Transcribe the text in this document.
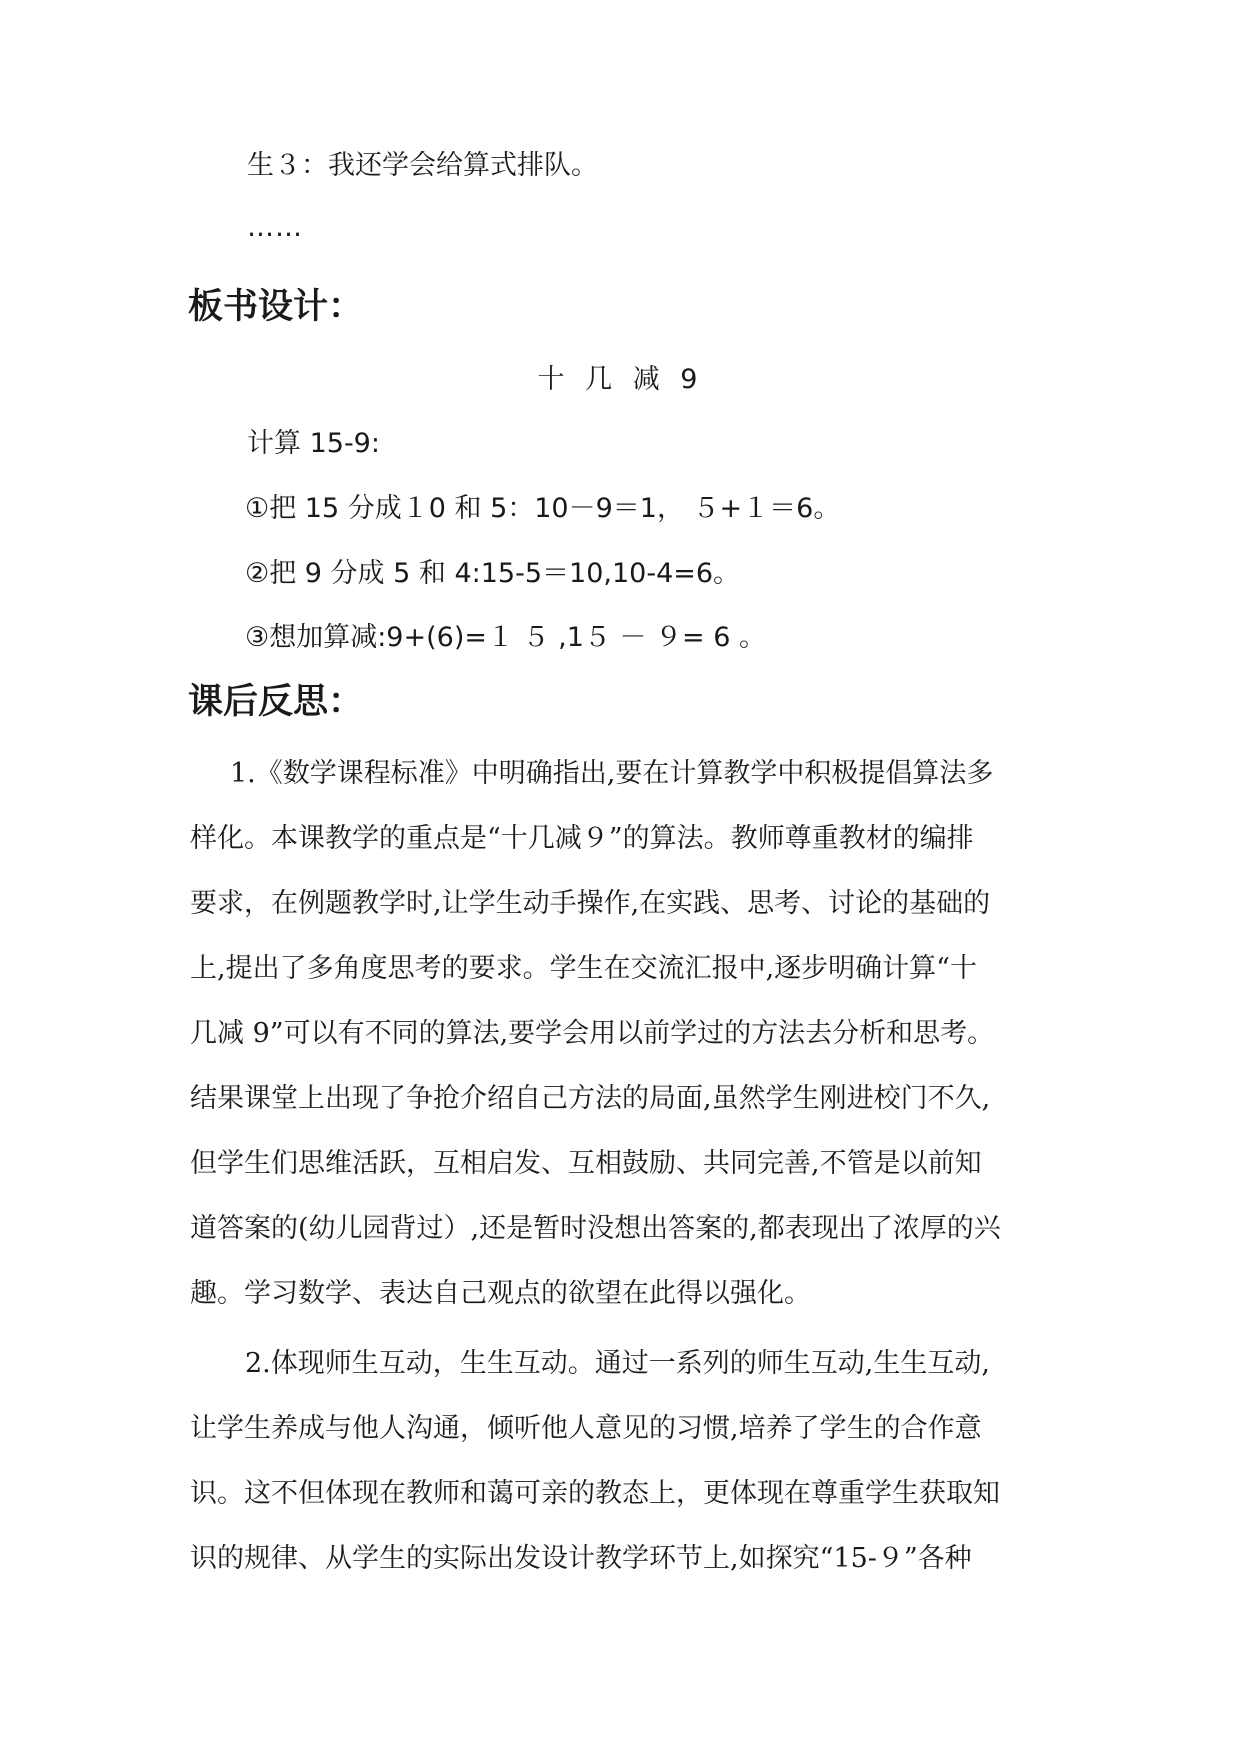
生３：我还学会给算式排队。
……
板书设计：
十 几 减 9
计算 15-9:
①把 15 分成１0 和 5：10－9＝1， ５+１＝6。
②把 9 分成 5 和 4:15-5＝10,10-4=6。
③想加算减:9+(6)=１ ５ ,1５ － ９= 6 。
课后反思：

1.《数学课程标准》中明确指出,要在计算教学中积极提倡算法多

样化。本课教学的重点是“十几减９”的算法。教师尊重教材的编排

要求，在例题教学时,让学生动手操作,在实践、思考、讨论的基础的

上,提出了多角度思考的要求。学生在交流汇报中,逐步明确计算“十

几减 9”可以有不同的算法,要学会用以前学过的方法去分析和思考。

结果课堂上出现了争抢介绍自己方法的局面,虽然学生刚进校门不久,

但学生们思维活跃，互相启发、互相鼓励、共同完善,不管是以前知

道答案的(幼儿园背过）,还是暂时没想出答案的,都表现出了浓厚的兴

趣。学习数学、表达自己观点的欲望在此得以强化。

2.体现师生互动，生生互动。通过一系列的师生互动,生生互动,

让学生养成与他人沟通，倾听他人意见的习惯,培养了学生的合作意

识。这不但体现在教师和蔼可亲的教态上，更体现在尊重学生获取知

识的规律、从学生的实际出发设计教学环节上,如探究“15-９”各种
